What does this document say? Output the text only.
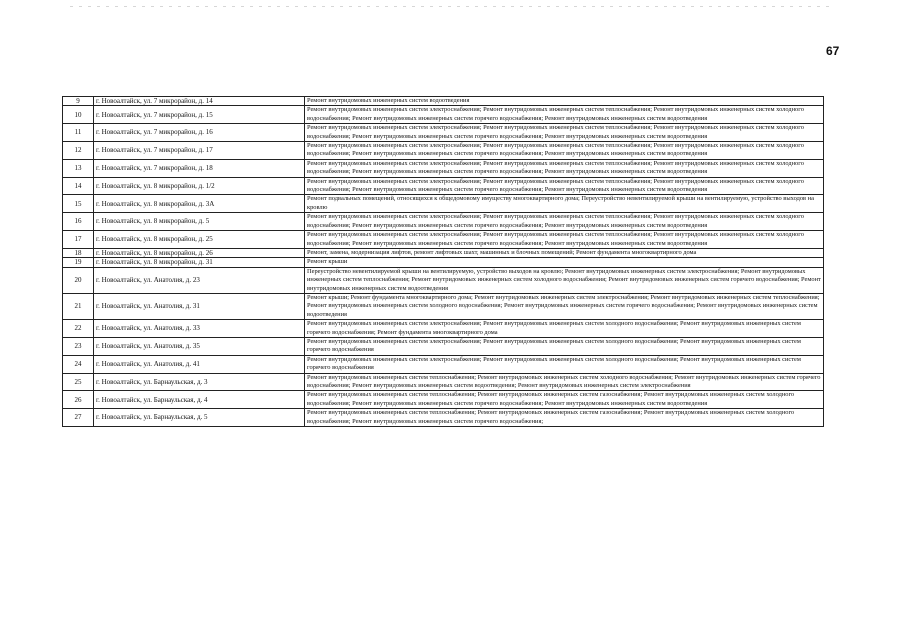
67
9	г. Новоалтайск, ул. 7 микрорайон, д. 14	Ремонт внутридомовых инженерных систем водоотведения
10	г. Новоалтайск, ул. 7 микрорайон, д. 15	Ремонт внутридомовых инженерных систем электроснабжения; Ремонт внутридомовых инженерных систем теплоснабжения; Ремонт внутридомовых инженерных систем холодного водоснабжения; Ремонт внутридомовых инженерных систем горячего водоснабжения; Ремонт внутридомовых инженерных систем водоотведения
11	г. Новоалтайск, ул. 7 микрорайон, д. 16	Ремонт внутридомовых инженерных систем электроснабжения; Ремонт внутридомовых инженерных систем теплоснабжения; Ремонт внутридомовых инженерных систем холодного водоснабжения; Ремонт внутридомовых инженерных систем горячего водоснабжения; Ремонт внутридомовых инженерных систем водоотведения
12	г. Новоалтайск, ул. 7 микрорайон, д. 17	Ремонт внутридомовых инженерных систем электроснабжения; Ремонт внутридомовых инженерных систем теплоснабжения; Ремонт внутридомовых инженерных систем холодного водоснабжения; Ремонт внутридомовых инженерных систем горячего водоснабжения; Ремонт внутридомовых инженерных систем водоотведения
13	г. Новоалтайск, ул. 7 микрорайон, д. 18	Ремонт внутридомовых инженерных систем электроснабжения; Ремонт внутридомовых инженерных систем теплоснабжения; Ремонт внутридомовых инженерных систем холодного водоснабжения; Ремонт внутридомовых инженерных систем горячего водоснабжения; Ремонт внутридомовых инженерных систем водоотведения
14	г. Новоалтайск, ул. 8 микрорайон, д. 1/2	Ремонт внутридомовых инженерных систем электроснабжения; Ремонт внутридомовых инженерных систем теплоснабжения; Ремонт внутридомовых инженерных систем холодного водоснабжения; Ремонт внутридомовых инженерных систем горячего водоснабжения; Ремонт внутридомовых инженерных систем водоотведения
15	г. Новоалтайск, ул. 8 микрорайон, д. 3А	Ремонт подвальных помещений, относящихся к общедомовому имуществу многоквартирного дома; Переустройство невентилируемой крыши на вентилируемую, устройство выходов на кровлю
16	г. Новоалтайск, ул. 8 микрорайон, д. 5	Ремонт внутридомовых инженерных систем электроснабжения; Ремонт внутридомовых инженерных систем теплоснабжения; Ремонт внутридомовых инженерных систем холодного водоснабжения; Ремонт внутридомовых инженерных систем горячего водоснабжения; Ремонт внутридомовых инженерных систем водоотведения
17	г. Новоалтайск, ул. 8 микрорайон, д. 25	Ремонт внутридомовых инженерных систем электроснабжения; Ремонт внутридомовых инженерных систем теплоснабжения; Ремонт внутридомовых инженерных систем холодного водоснабжения; Ремонт внутридомовых инженерных систем горячего водоснабжения; Ремонт внутридомовых инженерных систем водоотведения
18	г. Новоалтайск, ул. 8 микрорайон, д. 26	Ремонт, замена, модернизация лифтов, ремонт лифтовых шахт, машинных и блочных помещений; Ремонт фундамента многоквартирного дома
19	г. Новоалтайск, ул. 8 микрорайон, д. 31	Ремонт крыши
20	г. Новоалтайск, ул. Анатолия, д. 23	Переустройство невентилируемой крыши на вентилируемую, устройство выходов на кровлю; Ремонт внутридомовых инженерных систем электроснабжения; Ремонт внутридомовых инженерных систем теплоснабжения; Ремонт внутридомовых инженерных систем холодного водоснабжения; Ремонт внутридомовых инженерных систем горячего водоснабжения; Ремонт внутридомовых инженерных систем водоотведения
21	г. Новоалтайск, ул. Анатолия, д. 31	Ремонт крыши; Ремонт фундамента многоквартирного дома; Ремонт внутридомовых инженерных систем электроснабжения; Ремонт внутридомовых инженерных систем теплоснабжения; Ремонт внутридомовых инженерных систем холодного водоснабжения; Ремонт внутридомовых инженерных систем горячего водоснабжения; Ремонт внутридомовых инженерных систем водоотведения
22	г. Новоалтайск, ул. Анатолия, д. 33	Ремонт внутридомовых инженерных систем электроснабжения; Ремонт внутридомовых инженерных систем холодного водоснабжения; Ремонт внутридомовых инженерных систем горячего водоснабжения; Ремонт фундамента многоквартирного дома
23	г. Новоалтайск, ул. Анатолия, д. 35	Ремонт внутридомовых инженерных систем электроснабжения; Ремонт внутридомовых инженерных систем холодного водоснабжения; Ремонт внутридомовых инженерных систем горячего водоснабжения
24	г. Новоалтайск, ул. Анатолия, д. 41	Ремонт внутридомовых инженерных систем электроснабжения; Ремонт внутридомовых инженерных систем холодного водоснабжения; Ремонт внутридомовых инженерных систем горячего водоснабжения
25	г. Новоалтайск, ул. Барнаульская, д. 3	Ремонт внутридомовых инженерных систем теплоснабжения; Ремонт внутридомовых инженерных систем холодного водоснабжения; Ремонт внутридомовых инженерных систем горячего водоснабжения; Ремонт внутридомовых инженерных систем водоотведения; Ремонт внутридомовых инженерных систем электроснабжения
26	г. Новоалтайск, ул. Барнаульская, д. 4	Ремонт внутридомовых инженерных систем теплоснабжения; Ремонт внутридомовых инженерных систем газоснабжения; Ремонт внутридомовых инженерных систем холодного водоснабжения; Ремонт внутридомовых инженерных систем горячего водоснабжения; Ремонт внутридомовых инженерных систем водоотведения
27	г. Новоалтайск, ул. Барнаульская, д. 5	Ремонт внутридомовых инженерных систем теплоснабжения; Ремонт внутридомовых инженерных систем газоснабжения; Ремонт внутридомовых инженерных систем холодного водоснабжения; Ремонт внутридомовых инженерных систем горячего водоснабжения;
